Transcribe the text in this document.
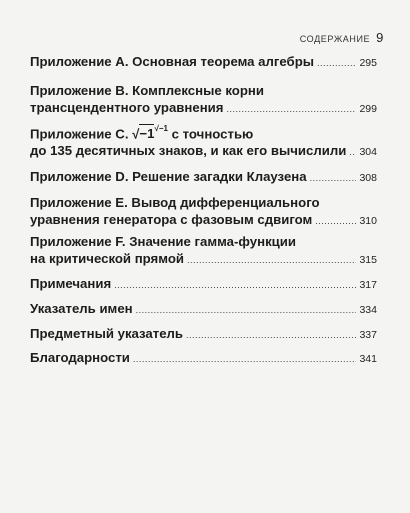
СОДЕРЖАНИЕ 9
Приложение А. Основная теорема алгебры .....	295
Приложение В. Комплексные корни
трансцендентного уравнения .....	299
Приложение С. $√-1^{√-1}$ с точностью
до 135 десятичных знаков, и как его вычислили ..... 304
Приложение D. Решение загадки Клаузена .....	308
Приложение Е. Вывод дифференциального
уравнения генератора с фазовым сдвигом .....	310
Приложение F. Значение гамма-функции
на критической прямой .....	315
Примечания .....	317
Указатель имен .....	334
Предметный указатель .....	337
Благодарности .....	341
